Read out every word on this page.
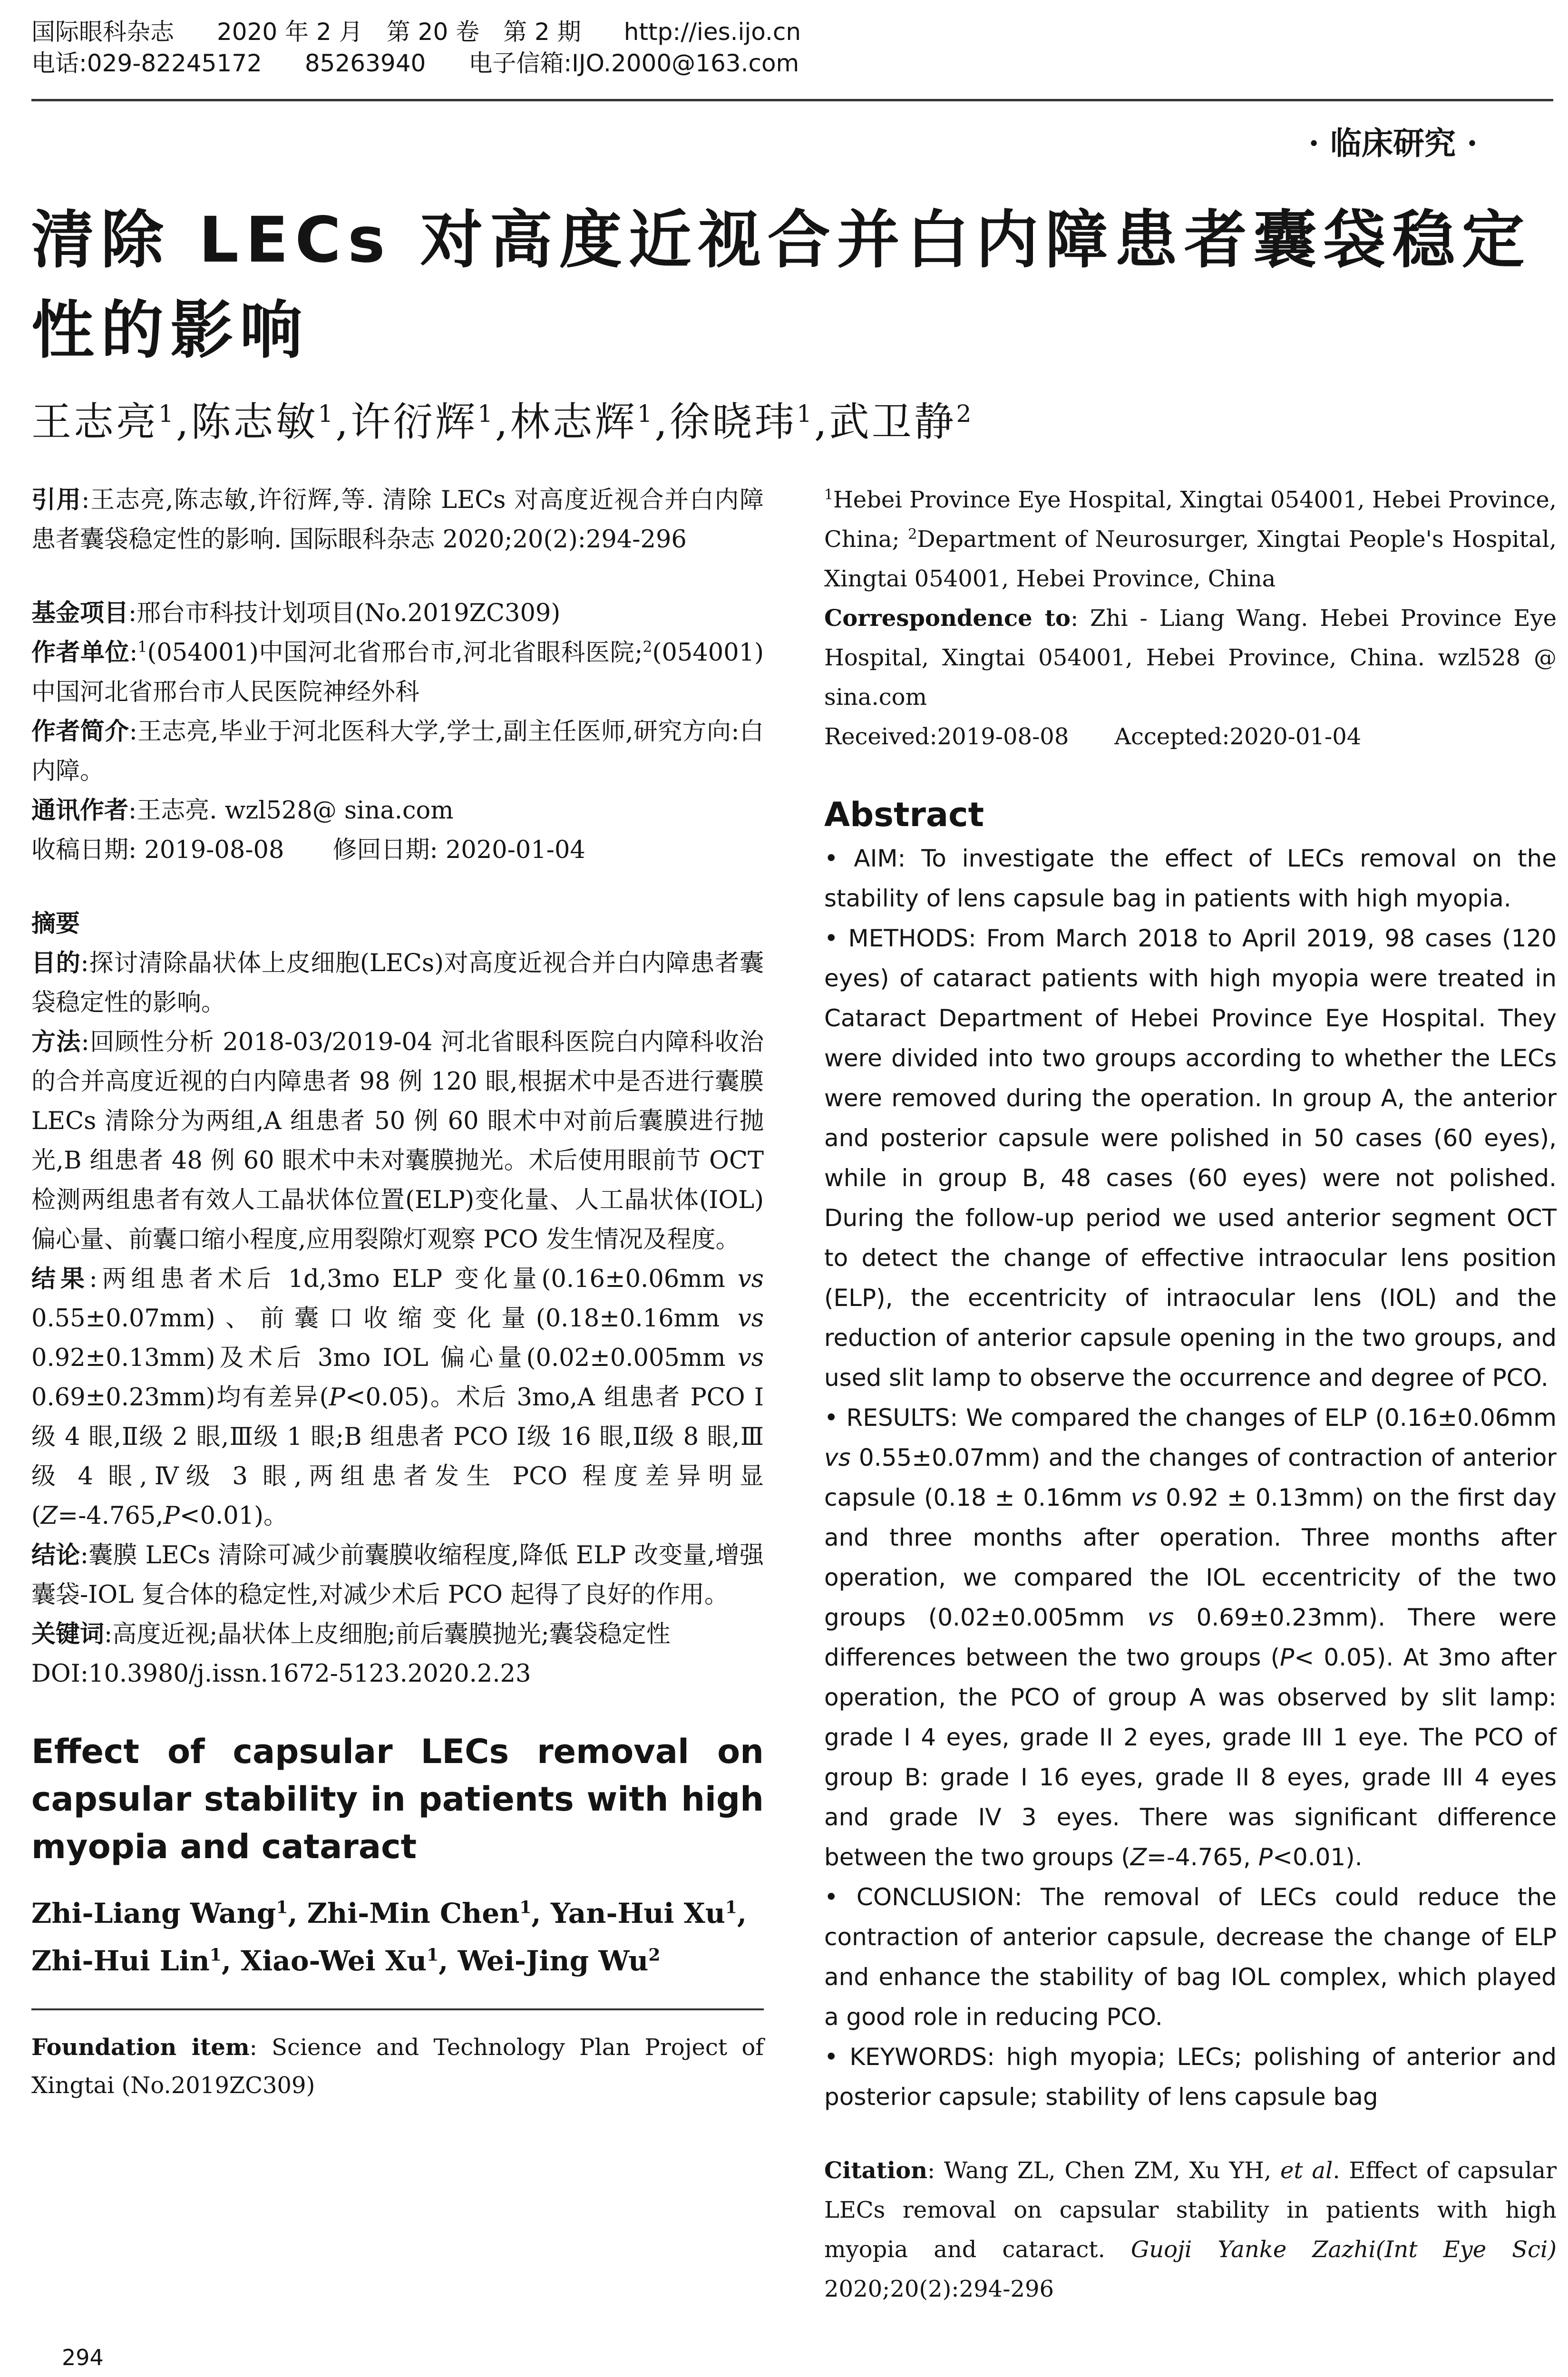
国际眼科杂志 2020 年 2 月　第 20 卷　第 2 期 http://ies.ijo.cn
电话:029-82245172 85263940 电子信箱:IJO.2000@163.com
· 临床研究 ·
清除 LECs 对高度近视合并白内障患者囊袋稳定性的影响
王志亮$^1$,陈志敏$^1$,许衍辉$^1$,林志辉$^1$,徐晓玮$^1$,武卫静$^2$

引用:王志亮,陈志敏,许衍辉,等. 清除 LECs 对高度近视合并白内障患者囊袋稳定性的影响. 国际眼科杂志 2020;20(2):294-296

基金项目:邢台市科技计划项目(No.2019ZC309)

作者单位:$^1$(054001)中国河北省邢台市,河北省眼科医院;$^2$(054001)中国河北省邢台市人民医院神经外科

作者简介:王志亮,毕业于河北医科大学,学士,副主任医师,研究方向:白内障。

通讯作者:王志亮. wzl528@ sina.com

收稿日期: 2019-08-08　　修回日期: 2020-01-04

摘要

目的:探讨清除晶状体上皮细胞(LECs)对高度近视合并白内障患者囊袋稳定性的影响。

方法:回顾性分析 2018-03/2019-04 河北省眼科医院白内障科收治的合并高度近视的白内障患者 98 例 120 眼,根据术中是否进行囊膜 LECs 清除分为两组,A 组患者 50 例 60 眼术中对前后囊膜进行抛光,B 组患者 48 例 60 眼术中未对囊膜抛光。术后使用眼前节 OCT 检测两组患者有效人工晶状体位置(ELP)变化量、人工晶状体(IOL)偏心量、前囊口缩小程度,应用裂隙灯观察 PCO 发生情况及程度。

结果:两组患者术后 1d,3mo ELP 变化量(0.16±0.06mm vs 0.55±0.07mm)、前囊口收缩变化量(0.18±0.16mm vs 0.92±0.13mm)及术后 3mo IOL 偏心量(0.02±0.005mm vs 0.69±0.23mm)均有差异(P<0.05)。术后 3mo,A 组患者 PCO Ⅰ级 4 眼,Ⅱ级 2 眼,Ⅲ级 1 眼;B 组患者 PCO Ⅰ级 16 眼,Ⅱ级 8 眼,Ⅲ级 4 眼,Ⅳ级 3 眼,两组患者发生 PCO 程度差异明显(Z=-4.765,P<0.01)。

结论:囊膜 LECs 清除可减少前囊膜收缩程度,降低 ELP 改变量,增强囊袋-IOL 复合体的稳定性,对减少术后 PCO 起得了良好的作用。

关键词:高度近视;晶状体上皮细胞;前后囊膜抛光;囊袋稳定性

DOI:10.3980/j.issn.1672-5123.2020.2.23

Effect of capsular LECs removal on capsular stability in patients with high myopia and cataract

Zhi-Liang Wang$^1$, Zhi-Min Chen$^1$, Yan-Hui Xu$^1$,
Zhi-Hui Lin$^1$, Xiao-Wei Xu$^1$, Wei-Jing Wu$^2$

Foundation item: Science and Technology Plan Project of Xingtai (No.2019ZC309)

$^1$Hebei Province Eye Hospital, Xingtai 054001, Hebei Province, China; $^2$Department of Neurosurger, Xingtai People's Hospital, Xingtai 054001, Hebei Province, China

Correspondence to: Zhi - Liang Wang. Hebei Province Eye Hospital, Xingtai 054001, Hebei Province, China. wzl528 @ sina.com

Received:2019-08-08　　Accepted:2020-01-04

Abstract

• AIM: To investigate the effect of LECs removal on the stability of lens capsule bag in patients with high myopia.

• METHODS: From March 2018 to April 2019, 98 cases (120 eyes) of cataract patients with high myopia were treated in Cataract Department of Hebei Province Eye Hospital. They were divided into two groups according to whether the LECs were removed during the operation. In group A, the anterior and posterior capsule were polished in 50 cases (60 eyes), while in group B, 48 cases (60 eyes) were not polished. During the follow-up period we used anterior segment OCT to detect the change of effective intraocular lens position (ELP), the eccentricity of intraocular lens (IOL) and the reduction of anterior capsule opening in the two groups, and used slit lamp to observe the occurrence and degree of PCO.

• RESULTS: We compared the changes of ELP (0.16±0.06mm vs 0.55±0.07mm) and the changes of contraction of anterior capsule (0.18 ± 0.16mm vs 0.92 ± 0.13mm) on the first day and three months after operation. Three months after operation, we compared the IOL eccentricity of the two groups (0.02±0.005mm vs 0.69±0.23mm). There were differences between the two groups (P< 0.05). At 3mo after operation, the PCO of group A was observed by slit lamp: grade I 4 eyes, grade II 2 eyes, grade III 1 eye. The PCO of group B: grade I 16 eyes, grade II 8 eyes, grade III 4 eyes and grade IV 3 eyes. There was significant difference between the two groups (Z=-4.765, P<0.01).

• CONCLUSION: The removal of LECs could reduce the contraction of anterior capsule, decrease the change of ELP and enhance the stability of bag IOL complex, which played a good role in reducing PCO.

• KEYWORDS: high myopia; LECs; polishing of anterior and posterior capsule; stability of lens capsule bag

Citation: Wang ZL, Chen ZM, Xu YH, et al. Effect of capsular LECs removal on capsular stability in patients with high myopia and cataract. Guoji Yanke Zazhi(Int Eye Sci) 2020;20(2):294-296

294
